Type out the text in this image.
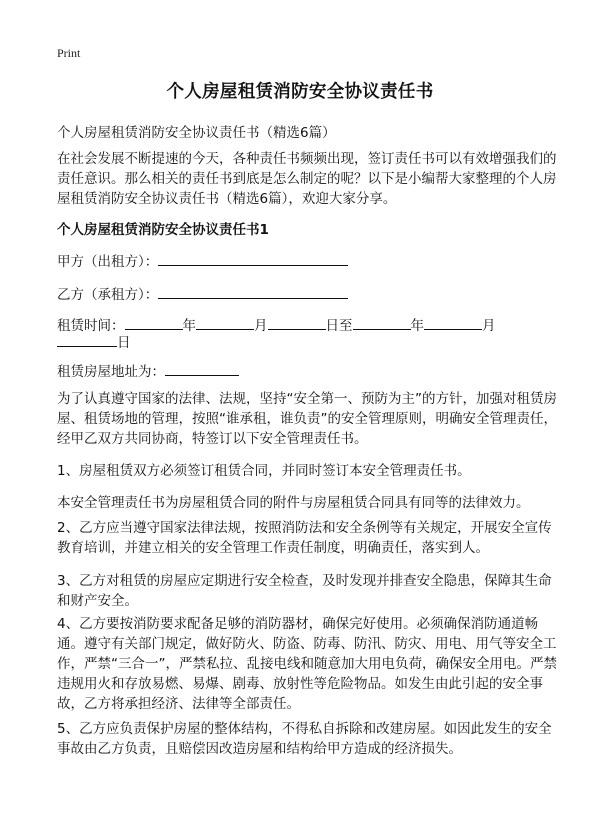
Print
个人房屋租赁消防安全协议责任书
个人房屋租赁消防安全协议责任书（精选6篇）
在社会发展不断提速的今天，各种责任书频频出现，签订责任书可以有效增强我们的责任意识。那么相关的责任书到底是怎么制定的呢？以下是小编帮大家整理的个人房屋租赁消防安全协议责任书（精选6篇），欢迎大家分享。
个人房屋租赁消防安全协议责任书1
甲方（出租方）：
乙方（承租方）：
租赁时间：	年	月	日至	年	月
日
租赁房屋地址为：
为了认真遵守国家的法律、法规，坚持“安全第一、预防为主”的方针，加强对租赁房屋、租赁场地的管理，按照“谁承租，谁负责”的安全管理原则，明确安全管理责任，经甲乙双方共同协商，特签订以下安全管理责任书。
1、房屋租赁双方必须签订租赁合同，并同时签订本安全管理责任书。
本安全管理责任书为房屋租赁合同的附件与房屋租赁合同具有同等的法律效力。
2、乙方应当遵守国家法律法规，按照消防法和安全条例等有关规定，开展安全宣传教育培训，并建立相关的安全管理工作责任制度，明确责任，落实到人。
3、乙方对租赁的房屋应定期进行安全检查，及时发现并排查安全隐患，保障其生命和财产安全。
4、乙方要按消防要求配备足够的消防器材，确保完好使用。必须确保消防通道畅通。遵守有关部门规定，做好防火、防盗、防毒、防汛、防灾、用电、用气等安全工作，严禁“三合一”，严禁私拉、乱接电线和随意加大用电负荷，确保安全用电。严禁违规用火和存放易燃、易爆、剧毒、放射性等危险物品。如发生由此引起的安全事故，乙方将承担经济、法律等全部责任。
5、乙方应负责保护房屋的整体结构，不得私自拆除和改建房屋。如因此发生的安全事故由乙方负责，且赔偿因改造房屋和结构给甲方造成的经济损失。
